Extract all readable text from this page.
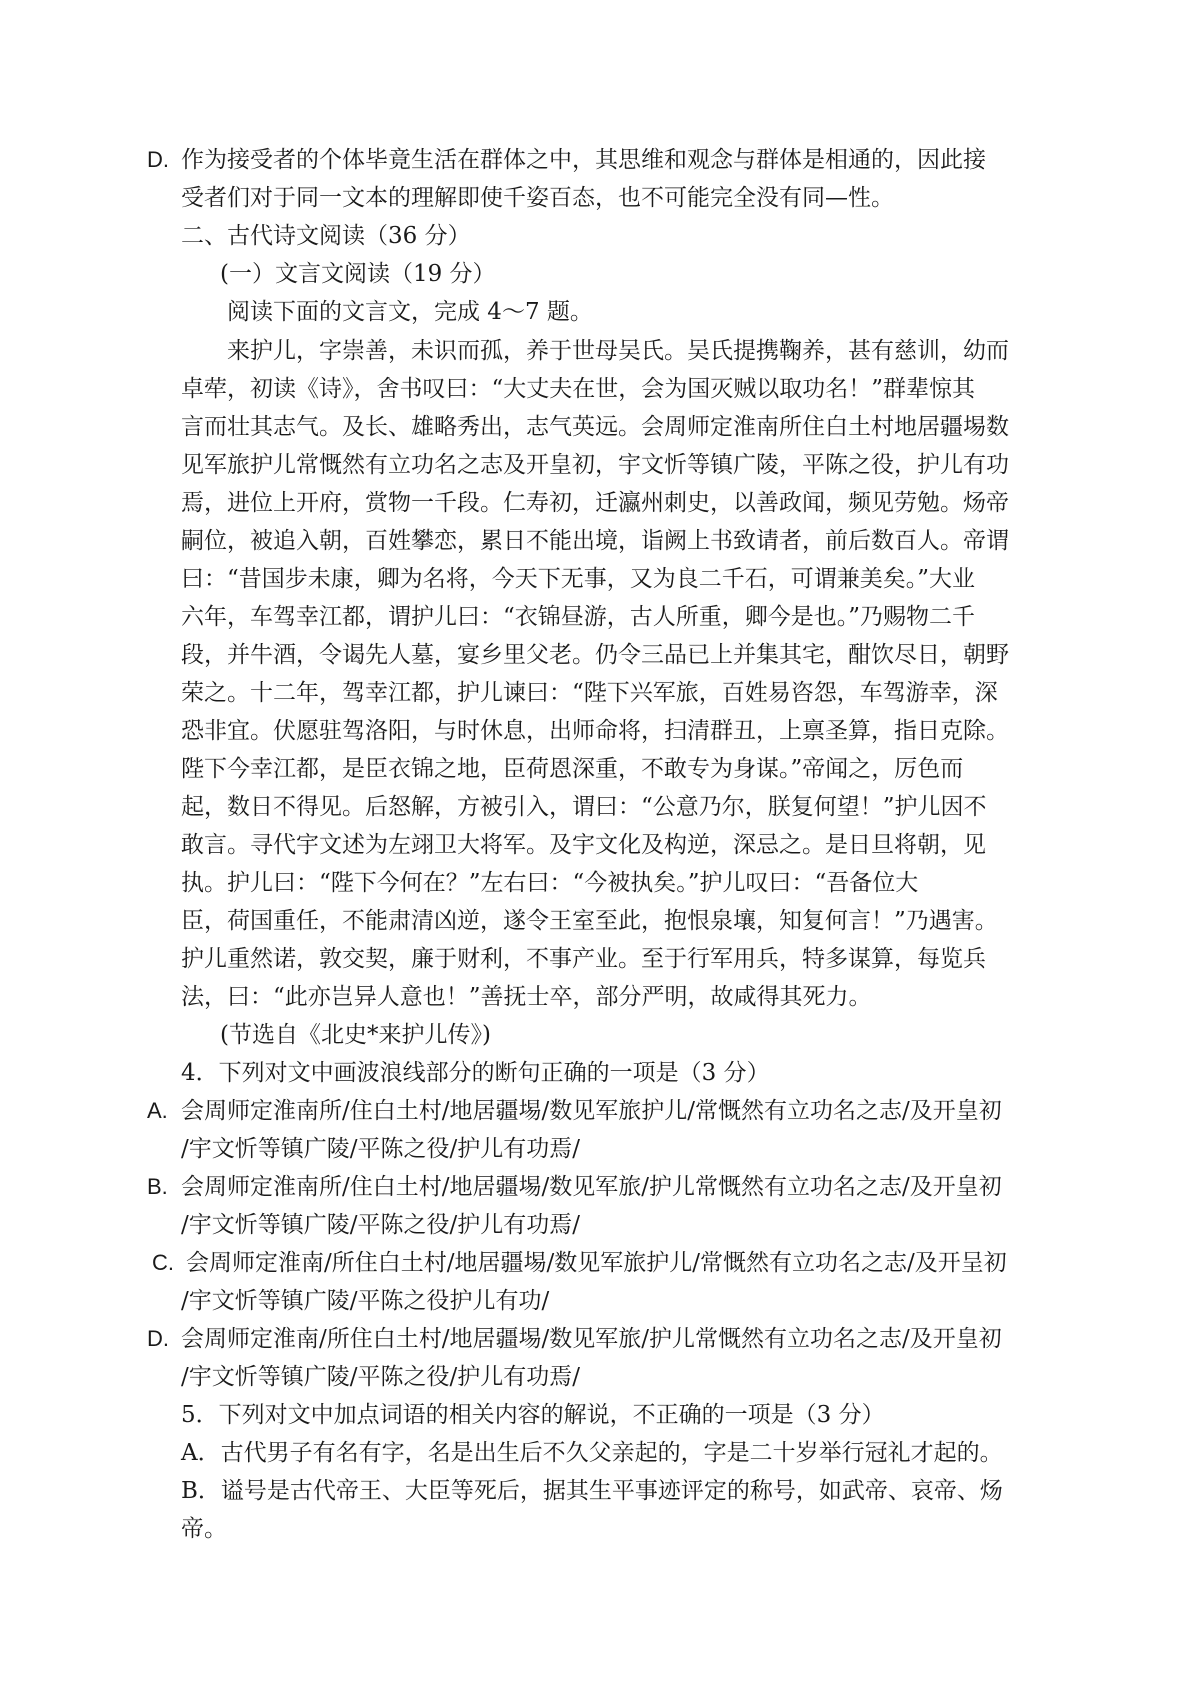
D. 作为接受者的个体毕竟生活在群体之中，其思维和观念与群体是相通的，因此接
受者们对于同一文本的理解即使千姿百态，也不可能完全没有同—性。
二、古代诗文阅读（36 分）
(一）文言文阅读（19 分）
阅读下面的文言文，完成 4～7 题。
来护儿，字崇善，未识而孤，养于世母吴氏。吴氏提携鞠养，甚有慈训，幼而
卓荦，初读《诗》，舍书叹曰：“大丈夫在世，会为国灭贼以取功名！”群辈惊其
言而壮其志气。及长、雄略秀出，志气英远。会周师定淮南所住白土村地居疆埸数
见军旅护儿常慨然有立功名之志及开皇初，宇文忻等镇广陵，平陈之役，护儿有功
焉，进位上开府，赏物一千段。仁寿初，迁瀛州刺史，以善政闻，频见劳勉。炀帝
嗣位，被追入朝，百姓攀恋，累日不能出境，诣阙上书致请者，前后数百人。帝谓
曰：“昔国步未康，卿为名将，今天下无事，又为良二千石，可谓兼美矣。”大业
六年，车驾幸江都，谓护儿曰：“衣锦昼游，古人所重，卿今是也。”乃赐物二千
段，并牛酒，令谒先人墓，宴乡里父老。仍令三品已上并集其宅，酣饮尽日，朝野
荣之。十二年，驾幸江都，护儿谏曰：“陛下兴军旅，百姓易咨怨，车驾游幸，深
恐非宜。伏愿驻驾洛阳，与时休息，出师命将，扫清群丑，上禀圣算，指日克除。
陛下今幸江都，是臣衣锦之地，臣荷恩深重，不敢专为身谋。”帝闻之，厉色而
起，数日不得见。后怒解，方被引入，谓曰：“公意乃尔，朕复何望！”护儿因不
敢言。寻代宇文述为左翊卫大将军。及宇文化及构逆，深忌之。是日旦将朝，见
执。护儿曰：“陛下今何在？”左右曰：“今被执矣。”护儿叹曰：“吾备位大
臣，荷国重任，不能肃清凶逆，遂令王室至此，抱恨泉壤，知复何言！”乃遇害。
护儿重然诺，敦交契，廉于财利，不事产业。至于行军用兵，特多谋算，每览兵
法，曰：“此亦岂异人意也！”善抚士卒，部分严明，故咸得其死力。
(节选自《北史*来护儿传》)
4．下列对文中画波浪线部分的断句正确的一项是（3 分）
A. 会周师定淮南所/住白土村/地居疆埸/数见军旅护儿/常慨然有立功名之志/及开皇初
/宇文忻等镇广陵/平陈之役/护儿有功焉/
B. 会周师定淮南所/住白土村/地居疆埸/数见军旅/护儿常慨然有立功名之志/及开皇初
/宇文忻等镇广陵/平陈之役/护儿有功焉/
C. 会周师定淮南/所住白土村/地居疆埸/数见军旅护儿/常慨然有立功名之志/及开呈初
/宇文忻等镇广陵/平陈之役护儿有功/
D. 会周师定淮南/所住白土村/地居疆埸/数见军旅/护儿常慨然有立功名之志/及开皇初
/宇文忻等镇广陵/平陈之役/护儿有功焉/
5．下列对文中加点词语的相关内容的解说，不正确的一项是（3 分）
A．古代男子有名有字，名是出生后不久父亲起的，字是二十岁举行冠礼才起的。
B．谥号是古代帝王、大臣等死后，据其生平事迹评定的称号，如武帝、哀帝、炀
帝。
